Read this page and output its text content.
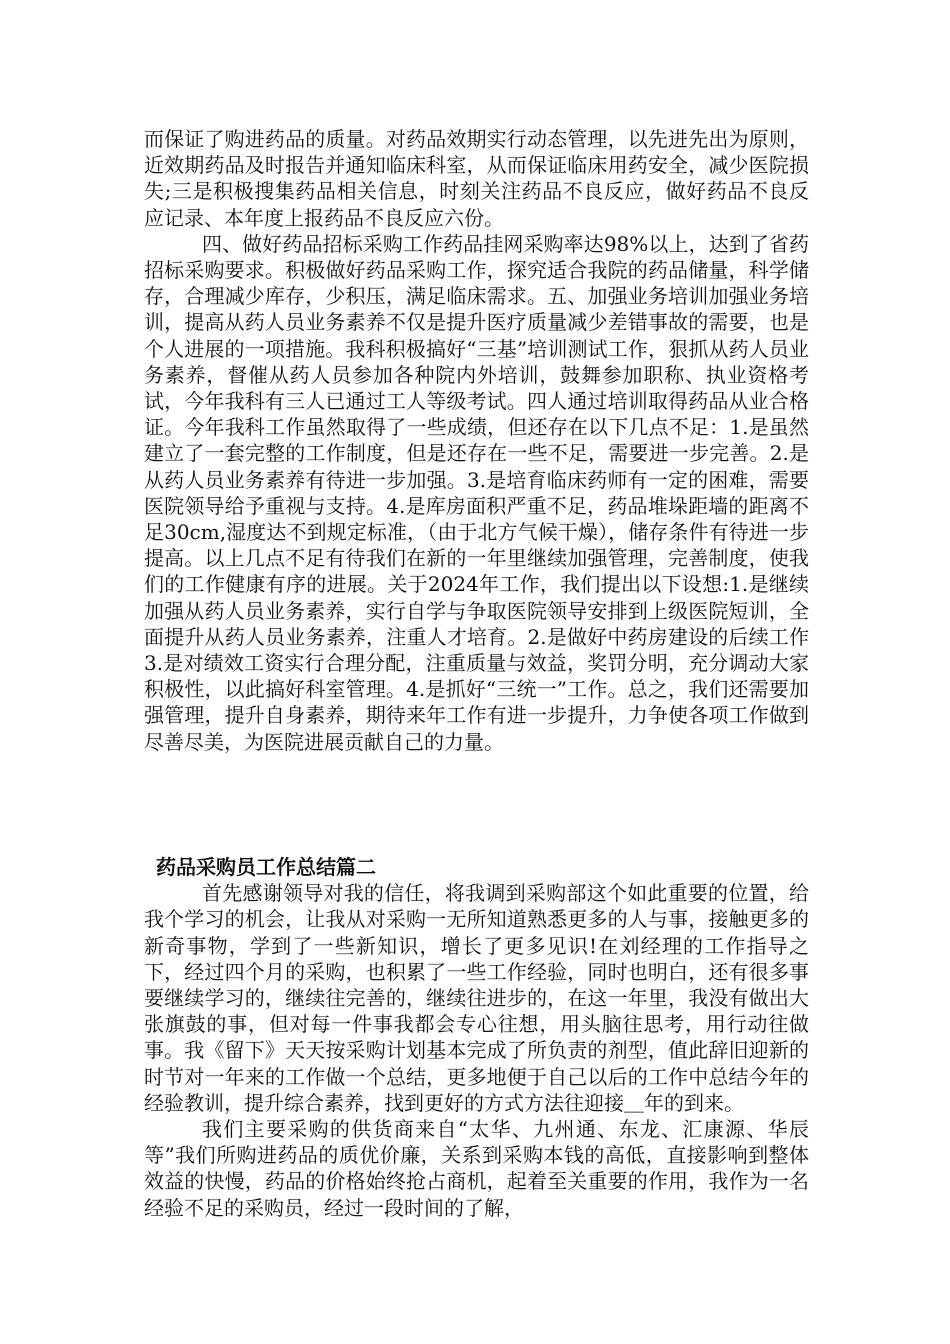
而保证了购进药品的质量。对药品效期实行动态管理，以先进先出为原则，近效期药品及时报告并通知临床科室，从而保证临床用药安全，减少医院损失;三是积极搜集药品相关信息，时刻关注药品不良反应，做好药品不良反应记录、本年度上报药品不良反应六份。

四、做好药品招标采购工作药品挂网采购率达98%以上，达到了省药招标采购要求。积极做好药品采购工作，探究适合我院的药品储量，科学储存，合理减少库存，少积压，满足临床需求。五、加强业务培训加强业务培训，提高从药人员业务素养不仅是提升医疗质量减少差错事故的需要，也是个人进展的一项措施。我科积极搞好“三基”培训测试工作，狠抓从药人员业务素养，督催从药人员参加各种院内外培训，鼓舞参加职称、执业资格考试，今年我科有三人已通过工人等级考试。四人通过培训取得药品从业合格证。今年我科工作虽然取得了一些成绩，但还存在以下几点不足：1.是虽然建立了一套完整的工作制度，但是还存在一些不足，需要进一步完善。2.是从药人员业务素养有待进一步加强。3.是培育临床药师有一定的困难，需要医院领导给予重视与支持。4.是库房面积严重不足，药品堆垛距墙的距离不足30cm,湿度达不到规定标准，（由于北方气候干燥），储存条件有待进一步提高。以上几点不足有待我们在新的一年里继续加强管理，完善制度，使我们的工作健康有序的进展。关于2024年工作，我们提出以下设想:1.是继续加强从药人员业务素养，实行自学与争取医院领导安排到上级医院短训，全面提升从药人员业务素养，注重人才培育。2.是做好中药房建设的后续工作3.是对绩效工资实行合理分配，注重质量与效益，奖罚分明，充分调动大家积极性，以此搞好科室管理。4.是抓好“三统一”工作。总之，我们还需要加强管理，提升自身素养，期待来年工作有进一步提升，力争使各项工作做到尽善尽美，为医院进展贡献自己的力量。

药品采购员工作总结篇二

首先感谢领导对我的信任，将我调到采购部这个如此重要的位置，给我个学习的机会，让我从对采购一无所知道熟悉更多的人与事，接触更多的新奇事物，学到了一些新知识，增长了更多见识!在刘经理的工作指导之下，经过四个月的采购，也积累了一些工作经验，同时也明白，还有很多事要继续学习的，继续往完善的，继续往进步的，在这一年里，我没有做出大张旗鼓的事，但对每一件事我都会专心往想，用头脑往思考，用行动往做事。我《留下》天天按采购计划基本完成了所负责的剂型，值此辞旧迎新的时节对一年来的工作做一个总结，更多地便于自己以后的工作中总结今年的经验教训，提升综合素养，找到更好的方式方法往迎接＿年的到来。

我们主要采购的供货商来自“太华、九州通、东龙、汇康源、华辰等”我们所购进药品的质优价廉，关系到采购本钱的高低，直接影响到整体效益的快慢，药品的价格始终抢占商机，起着至关重要的作用，我作为一名经验不足的采购员，经过一段时间的了解，
